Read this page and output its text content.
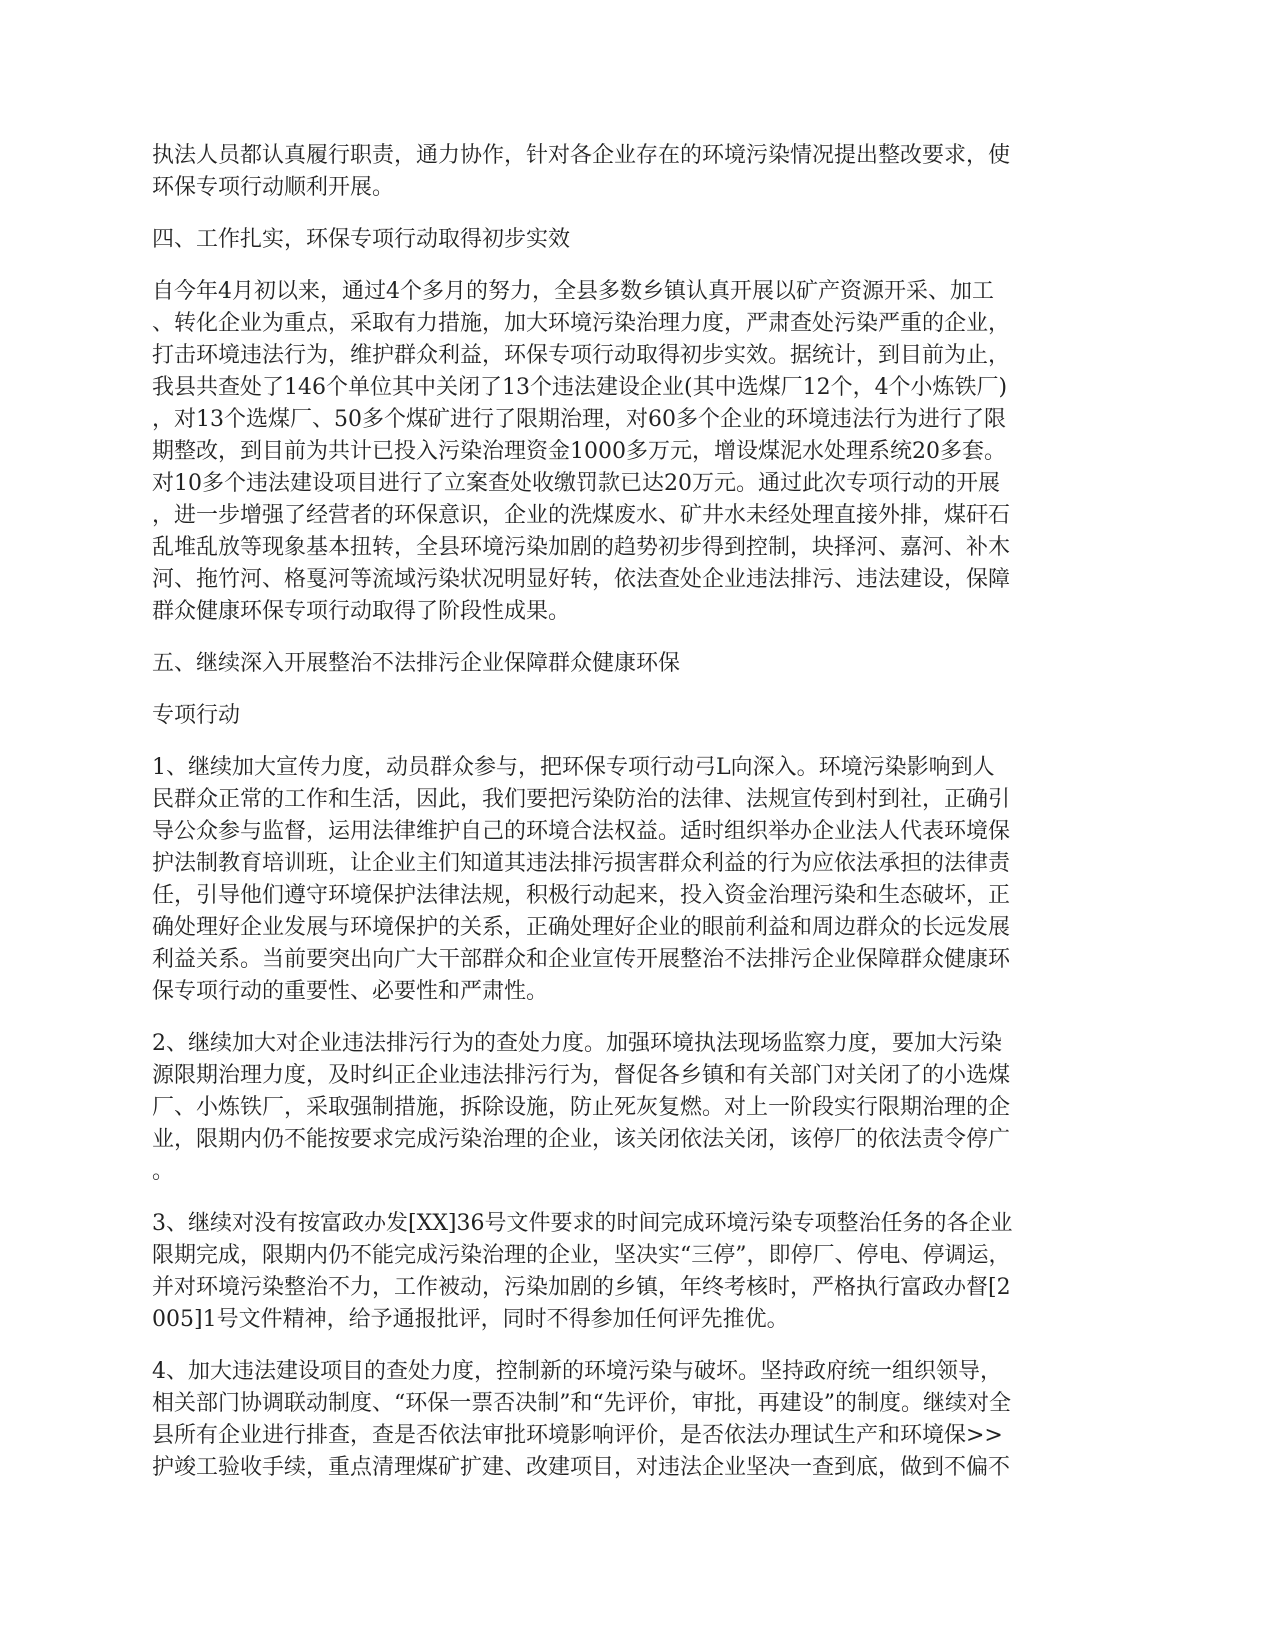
执法人员都认真履行职责，通力协作，针对各企业存在的环境污染情况提出整改要求，使
环保专项行动顺利开展。

四、工作扎实，环保专项行动取得初步实效

自今年4月初以来，通过4个多月的努力，全县多数乡镇认真开展以矿产资源开采、加工
、转化企业为重点，采取有力措施，加大环境污染治理力度，严肃查处污染严重的企业，
打击环境违法行为，维护群众利益，环保专项行动取得初步实效。据统计，到目前为止，
我县共查处了146个单位其中关闭了13个违法建设企业(其中选煤厂12个，4个小炼铁厂)
，对13个选煤厂、50多个煤矿进行了限期治理，对60多个企业的环境违法行为进行了限
期整改，到目前为共计已投入污染治理资金1000多万元，增设煤泥水处理系统20多套。
对10多个违法建设项目进行了立案查处收缴罚款已达20万元。通过此次专项行动的开展
，进一步增强了经营者的环保意识，企业的洗煤废水、矿井水未经处理直接外排，煤矸石
乱堆乱放等现象基本扭转，全县环境污染加剧的趋势初步得到控制，块择河、嘉河、补木
河、拖竹河、格戛河等流域污染状况明显好转，依法查处企业违法排污、违法建设，保障
群众健康环保专项行动取得了阶段性成果。

五、继续深入开展整治不法排污企业保障群众健康环保

专项行动

1、继续加大宣传力度，动员群众参与，把环保专项行动弓L向深入。环境污染影响到人
民群众正常的工作和生活，因此，我们要把污染防治的法律、法规宣传到村到社，正确引
导公众参与监督，运用法律维护自己的环境合法权益。适时组织举办企业法人代表环境保
护法制教育培训班，让企业主们知道其违法排污损害群众利益的行为应依法承担的法律责
任，引导他们遵守环境保护法律法规，积极行动起来，投入资金治理污染和生态破坏，正
确处理好企业发展与环境保护的关系，正确处理好企业的眼前利益和周边群众的长远发展
利益关系。当前要突出向广大干部群众和企业宣传开展整治不法排污企业保障群众健康环
保专项行动的重要性、必要性和严肃性。

2、继续加大对企业违法排污行为的查处力度。加强环境执法现场监察力度，要加大污染
源限期治理力度，及时纠正企业违法排污行为，督促各乡镇和有关部门对关闭了的小选煤
厂、小炼铁厂，采取强制措施，拆除设施，防止死灰复燃。对上一阶段实行限期治理的企
业，限期内仍不能按要求完成污染治理的企业，该关闭依法关闭，该停厂的依法责令停广
。

3、继续对没有按富政办发[XX]36号文件要求的时间完成环境污染专项整治任务的各企业
限期完成，限期内仍不能完成污染治理的企业，坚决实“三停”，即停厂、停电、停调运，
并对环境污染整治不力，工作被动，污染加剧的乡镇，年终考核时，严格执行富政办督[2
005]1号文件精神，给予通报批评，同时不得参加任何评先推优。

4、加大违法建设项目的查处力度，控制新的环境污染与破坏。坚持政府统一组织领导，
相关部门协调联动制度、“环保一票否决制”和“先评价，审批，再建设”的制度。继续对全
县所有企业进行排查，查是否依法审批环境影响评价，是否依法办理试生产和环境保>>
护竣工验收手续，重点清理煤矿扩建、改建项目，对违法企业坚决一查到底，做到不偏不
